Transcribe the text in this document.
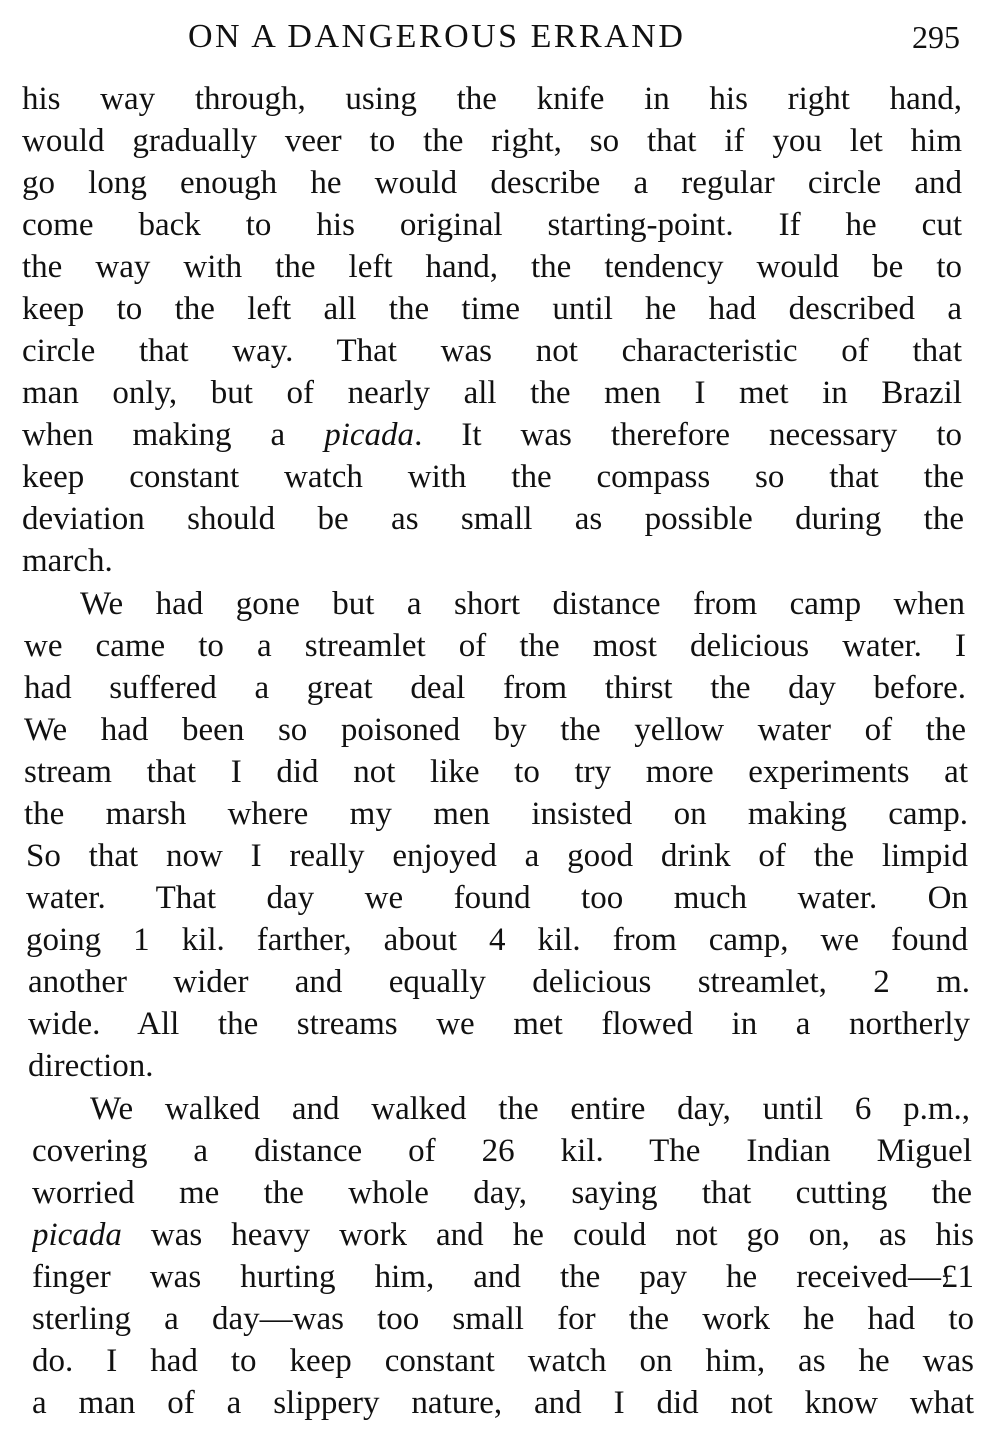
ON A DANGEROUS ERRAND	295
his way through, using the knife in his right hand,
would gradually veer to the right, so that if you let him
go long enough he would describe a regular circle and
come back to his original starting-point. If he cut
the way with the left hand, the tendency would be to
keep to the left all the time until he had described a
circle that way. That was not characteristic of that
man only, but of nearly all the men I met in Brazil
when making a picada. It was therefore necessary to
keep constant watch with the compass so that the
deviation should be as small as possible during the
march.
We had gone but a short distance from camp when
we came to a streamlet of the most delicious water. I
had suffered a great deal from thirst the day before.
We had been so poisoned by the yellow water of the
stream that I did not like to try more experiments at
the marsh where my men insisted on making camp.
So that now I really enjoyed a good drink of the limpid
water. That day we found too much water. On
going 1 kil. farther, about 4 kil. from camp, we found
another wider and equally delicious streamlet, 2 m.
wide. All the streams we met flowed in a northerly
direction.
We walked and walked the entire day, until 6 p.m.,
covering a distance of 26 kil. The Indian Miguel
worried me the whole day, saying that cutting the
picada was heavy work and he could not go on, as his
finger was hurting him, and the pay he received—£1
sterling a day—was too small for the work he had to
do. I had to keep constant watch on him, as he was
a man of a slippery nature, and I did not know what
